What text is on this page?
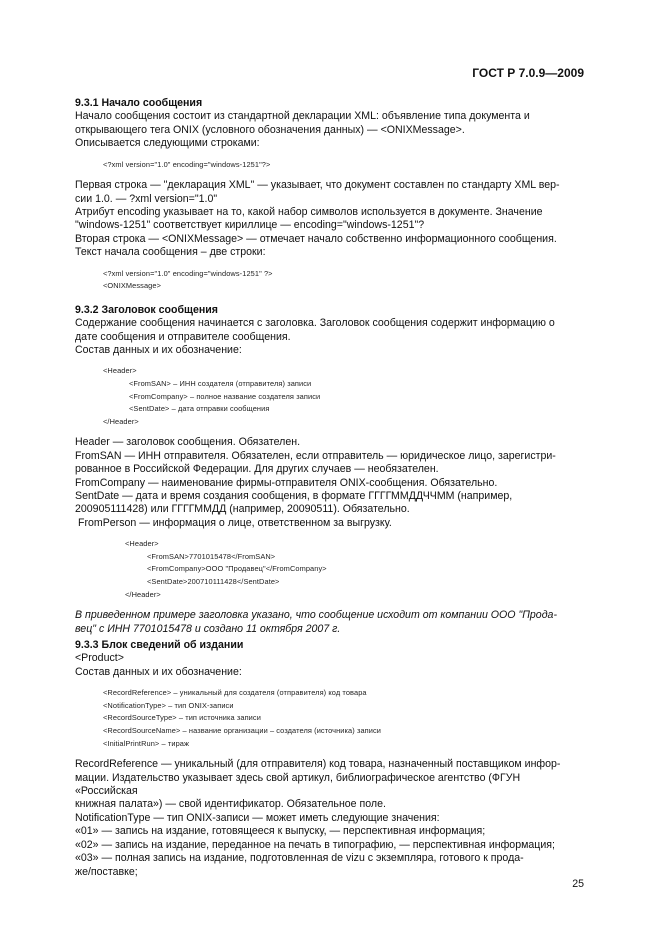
ГОСТ Р 7.0.9—2009
9.3.1 Начало сообщения
Начало сообщения состоит из стандартной декларации XML: объявление типа документа и
открывающего тега ONIX (условного обозначения данных) — <ONIXMessage>.
Описывается следующими строками:
<?xml version="1.0" encoding="windows-1251"?>
Первая строка — "декларация XML" — указывает, что документ составлен по стандарту XML вер-
сии 1.0. — ?xml version="1.0"
Атрибут encoding указывает на то, какой набор символов используется в документе. Значение
"windows-1251" соответствует кириллице — encoding="windows-1251"?
Вторая строка — <ONIXMessage> — отмечает начало собственно информационного сообщения.
Текст начала сообщения – две строки:
<?xml version="1.0" encoding="windows-1251" ?>
<ONIXMessage>
9.3.2 Заголовок сообщения
Содержание сообщения начинается с заголовка. Заголовок сообщения содержит информацию о
дате сообщения и отправителе сообщения.
Состав данных и их обозначение:
<Header>
<FromSAN> – ИНН создателя (отправителя) записи
<FromCompany> – полное название создателя записи
<SentDate> – дата отправки сообщения
</Header>
Header — заголовок сообщения. Обязателен.
FromSAN — ИНН отправителя. Обязателен, если отправитель — юридическое лицо, зарегистри-
рованное в Российской Федерации. Для других случаев — необязателен.
FromCompany — наименование фирмы-отправителя ONIX-сообщения. Обязательно.
SentDate — дата и время создания сообщения, в формате ГГГГММДДЧЧММ (например,
200905111428) или ГГГГММДД (например, 20090511). Обязательно.
FromPerson — информация о лице, ответственном за выгрузку.
<Header>
<FromSAN>7701015478</FromSAN>
<FromCompany>ООО "Продавец"</FromCompany>
<SentDate>200710111428</SentDate>
</Header>
В приведенном примере заголовка указано, что сообщение исходит от компании ООО "Прода-
вец" с ИНН 7701015478 и создано 11 октября 2007 г.
9.3.3 Блок сведений об издании
<Product>
Состав данных и их обозначение:
<RecordReference> – уникальный для создателя (отправителя) код товара
<NotificationType> – тип ONIX-записи
<RecordSourceType> – тип источника записи
<RecordSourceName> – название организации – создателя (источника) записи
<InitialPrintRun> – тираж
RecordReference — уникальный (для отправителя) код товара, назначенный поставщиком инфор-
мации. Издательство указывает здесь свой артикул, библиографическое агентство (ФГУН «Российская
книжная палата») — свой идентификатор. Обязательное поле.
NotificationType — тип ONIX-записи — может иметь следующие значения:
«01» — запись на издание, готовящееся к выпуску, — перспективная информация;
«02» — запись на издание, переданное на печать в типографию, — перспективная информация;
«03» — полная запись на издание, подготовленная de vizu с экземпляра, готового к прода-
же/поставке;
25
